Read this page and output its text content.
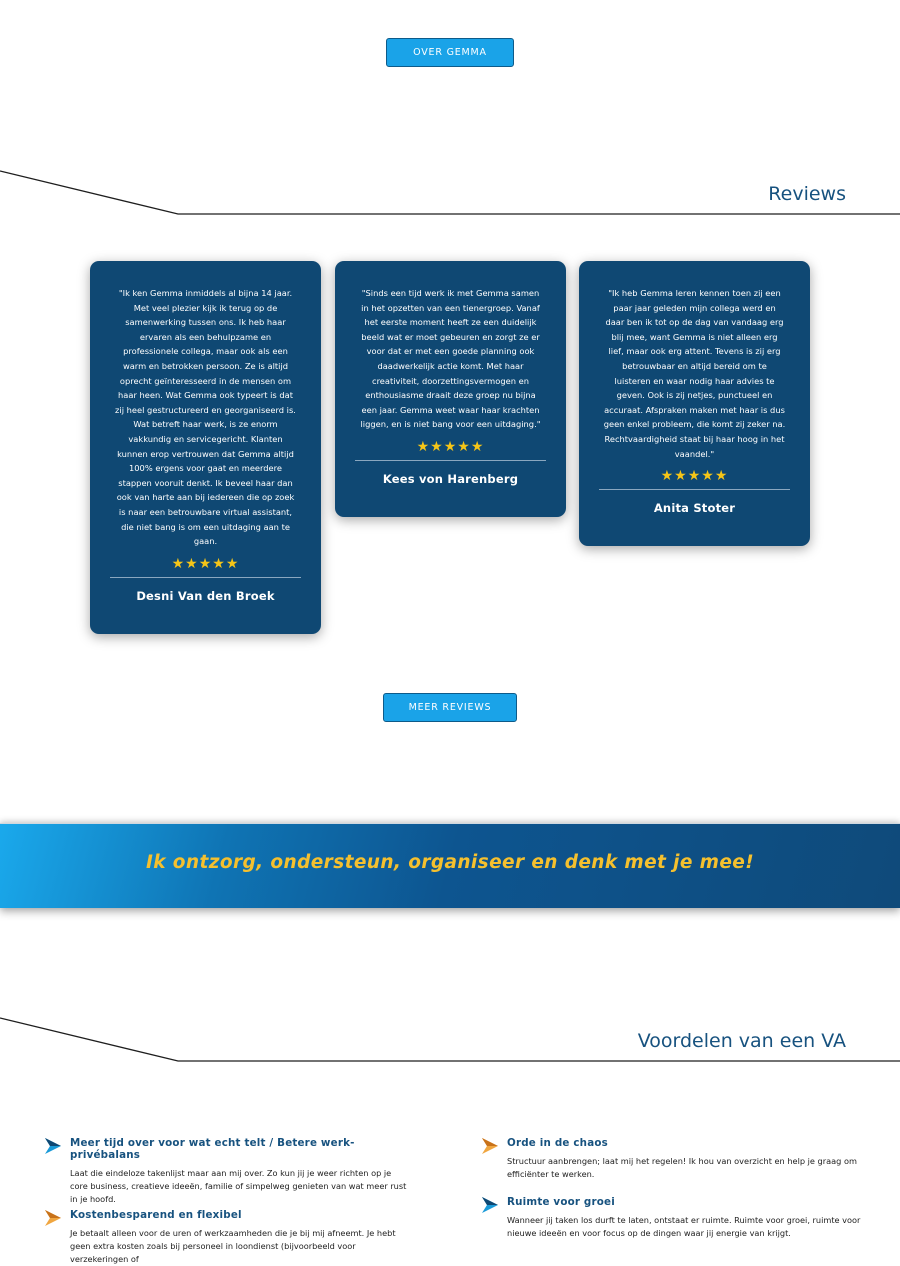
OVER GEMMA
Reviews

"Ik ken Gemma inmiddels al bijna 14 jaar. Met veel plezier kijk ik terug op de samenwerking tussen ons. Ik heb haar ervaren als een behulpzame en professionele collega, maar ook als een warm en betrokken persoon. Ze is altijd oprecht geïnteresseerd in de mensen om haar heen. Wat Gemma ook typeert is dat zij heel gestructureerd en georganiseerd is. Wat betreft haar werk, is ze enorm vakkundig en servicegericht. Klanten kunnen erop vertrouwen dat Gemma altijd 100% ergens voor gaat en meerdere stappen vooruit denkt. Ik beveel haar dan ook van harte aan bij iedereen die op zoek is naar een betrouwbare virtual assistant, die niet bang is om een uitdaging aan te gaan.

★★★★★
Desni Van den Broek

"Sinds een tijd werk ik met Gemma samen in het opzetten van een tienergroep. Vanaf het eerste moment heeft ze een duidelijk beeld wat er moet gebeuren en zorgt ze er voor dat er met een goede planning ook daadwerkelijk actie komt. Met haar creativiteit, doorzettingsvermogen en enthousiasme draait deze groep nu bijna een jaar. Gemma weet waar haar krachten liggen, en is niet bang voor een uitdaging."

★★★★★
Kees von Harenberg

"Ik heb Gemma leren kennen toen zij een paar jaar geleden mijn collega werd en daar ben ik tot op de dag van vandaag erg blij mee, want Gemma is niet alleen erg lief, maar ook erg attent. Tevens is zij erg betrouwbaar en altijd bereid om te luisteren en waar nodig haar advies te geven. Ook is zij netjes, punctueel en accuraat. Afspraken maken met haar is dus geen enkel probleem, die komt zij zeker na. Rechtvaardigheid staat bij haar hoog in het vaandel."

★★★★★
Anita Stoter
MEER REVIEWS
Ik ontzorg, ondersteun, organiseer en denk met je mee!
Voordelen van een VA
Meer tijd over voor wat echt telt / Betere werk-privébalans
Laat die eindeloze takenlijst maar aan mij over. Zo kun jij je weer richten op je core business, creatieve ideeën, familie of simpelweg genieten van wat meer rust in je hoofd.
Kostenbesparend en flexibel
Je betaalt alleen voor de uren of werkzaamheden die je bij mij afneemt. Je hebt geen extra kosten zoals bij personeel in loondienst (bijvoorbeeld voor verzekeringen of
Orde in de chaos
Structuur aanbrengen; laat mij het regelen! Ik hou van overzicht en help je graag om efficiënter te werken.
Ruimte voor groei
Wanneer jij taken los durft te laten, ontstaat er ruimte. Ruimte voor groei, ruimte voor nieuwe ideeën en voor focus op de dingen waar jij energie van krijgt.
